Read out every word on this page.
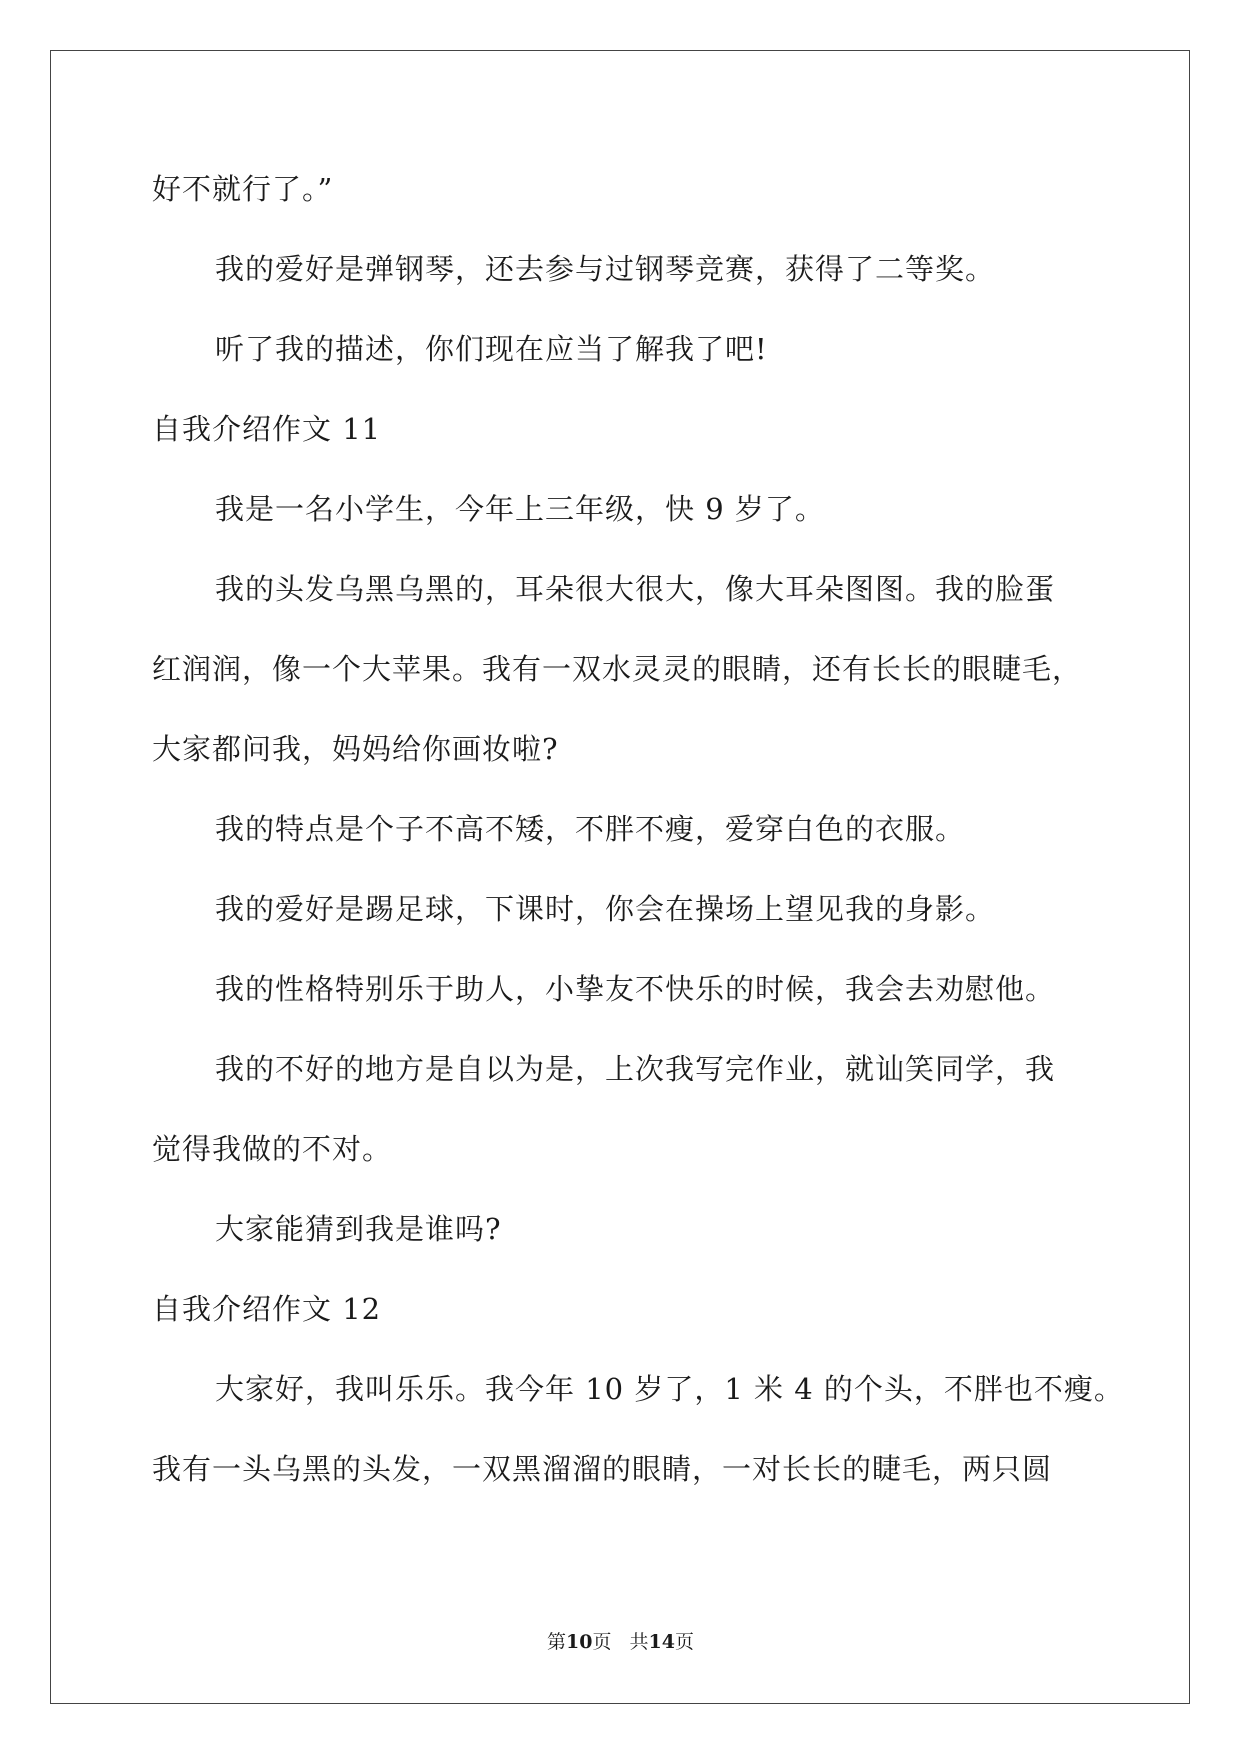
好不就行了。”
我的爱好是弹钢琴，还去参与过钢琴竞赛，获得了二等奖。
听了我的描述，你们现在应当了解我了吧!
自我介绍作文 11
我是一名小学生，今年上三年级，快 9 岁了。
我的头发乌黑乌黑的，耳朵很大很大，像大耳朵图图。我的脸蛋
红润润，像一个大苹果。我有一双水灵灵的眼睛，还有长长的眼睫毛，
大家都问我，妈妈给你画妆啦?
我的特点是个子不高不矮，不胖不瘦，爱穿白色的衣服。
我的爱好是踢足球，下课时，你会在操场上望见我的身影。
我的性格特别乐于助人，小挚友不快乐的时候，我会去劝慰他。
我的不好的地方是自以为是，上次我写完作业，就讪笑同学，我
觉得我做的不对。
大家能猜到我是谁吗?
自我介绍作文 12
大家好，我叫乐乐。我今年 10 岁了，1 米 4 的个头，不胖也不瘦。
我有一头乌黑的头发，一双黑溜溜的眼睛，一对长长的睫毛，两只圆
第10页 共14页
